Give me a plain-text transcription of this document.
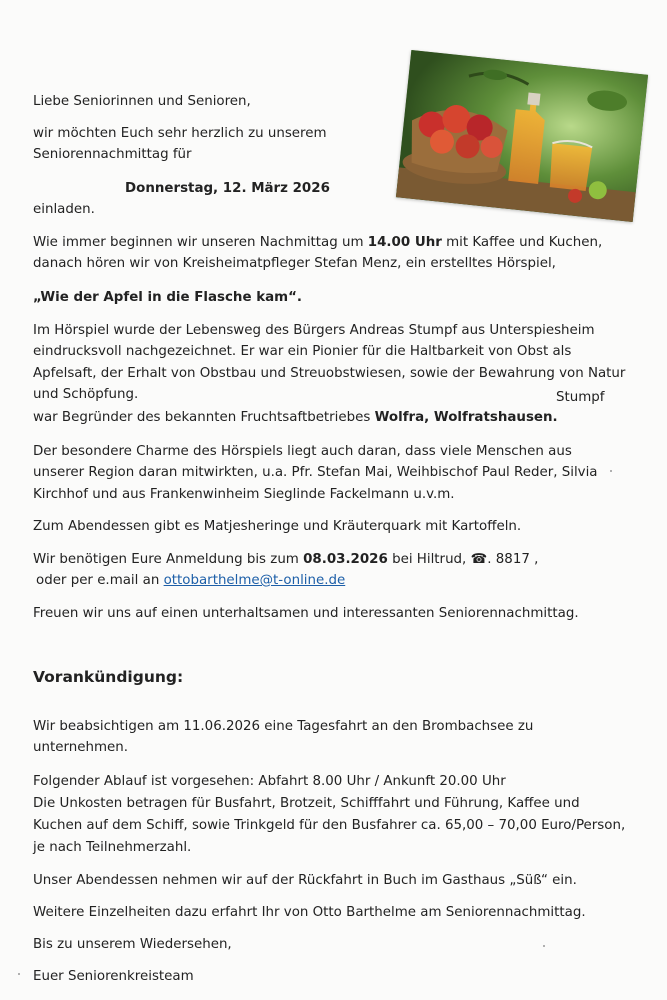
Liebe Seniorinnen und Senioren,
wir möchten Euch sehr herzlich zu unserem
Seniorennachmittag für
Donnerstag, 12. März 2026
einladen.
Wie immer beginnen wir unseren Nachmittag um 14.00 Uhr mit Kaffee und Kuchen,
danach hören wir von Kreisheimatpfleger Stefan Menz, ein erstelltes Hörspiel,
„Wie der Apfel in die Flasche kam“.
Im Hörspiel wurde der Lebensweg des Bürgers Andreas Stumpf aus Unterspiesheim
eindrucksvoll nachgezeichnet. Er war ein Pionier für die Haltbarkeit von Obst als
Apfelsaft, der Erhalt von Obstbau und Streuobstwiesen, sowie der Bewahrung von Natur
und Schöpfung.	Stumpf
war Begründer des bekannten Fruchtsaftbetriebes Wolfra, Wolfratshausen.
Der besondere Charme des Hörspiels liegt auch daran, dass viele Menschen aus
unserer Region daran mitwirkten, u.a. Pfr. Stefan Mai, Weihbischof Paul Reder, Silvia
Kirchhof und aus Frankenwinheim Sieglinde Fackelmann u.v.m.
Zum Abendessen gibt es Matjesheringe und Kräuterquark mit Kartoffeln.
Wir benötigen Eure Anmeldung bis zum 08.03.2026 bei Hiltrud, ☎. 8817 ,
oder per e.mail an ottobarthelme@t-online.de
Freuen wir uns auf einen unterhaltsamen und interessanten Seniorennachmittag.
Vorankündigung:
Wir beabsichtigen am 11.06.2026 eine Tagesfahrt an den Brombachsee zu
unternehmen.
Folgender Ablauf ist vorgesehen: Abfahrt 8.00 Uhr / Ankunft 20.00 Uhr
Die Unkosten betragen für Busfahrt, Brotzeit, Schifffahrt und Führung, Kaffee und
Kuchen auf dem Schiff, sowie Trinkgeld für den Busfahrer ca. 65,00 – 70,00 Euro/Person,
je nach Teilnehmerzahl.
Unser Abendessen nehmen wir auf der Rückfahrt in Buch im Gasthaus „Süß“ ein.
Weitere Einzelheiten dazu erfahrt Ihr von Otto Barthelme am Seniorennachmittag.
Bis zu unserem Wiedersehen,
Euer Seniorenkreisteam
